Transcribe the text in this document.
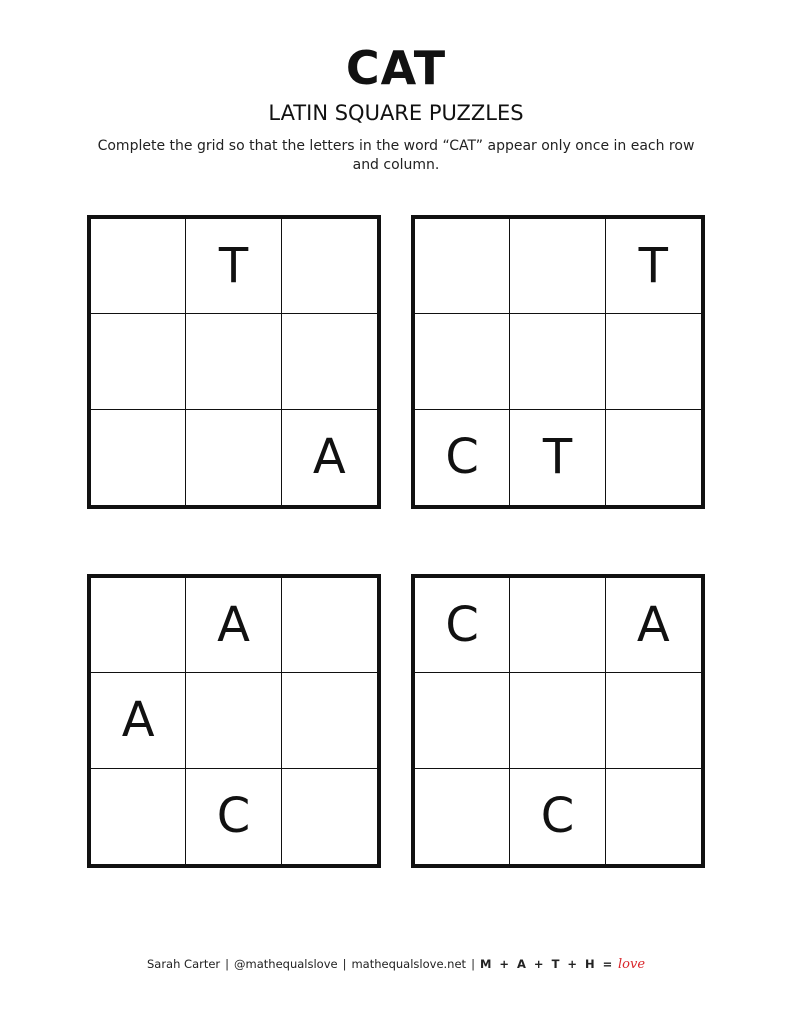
CAT
LATIN SQUARE PUZZLES
Complete the grid so that the letters in the word “CAT” appear only once in each row and column.
T
A
T
C	T
A
A
C
C	A
C
Sarah Carter | @mathequalslove | mathequalslove.net | M + A + T + H = love
